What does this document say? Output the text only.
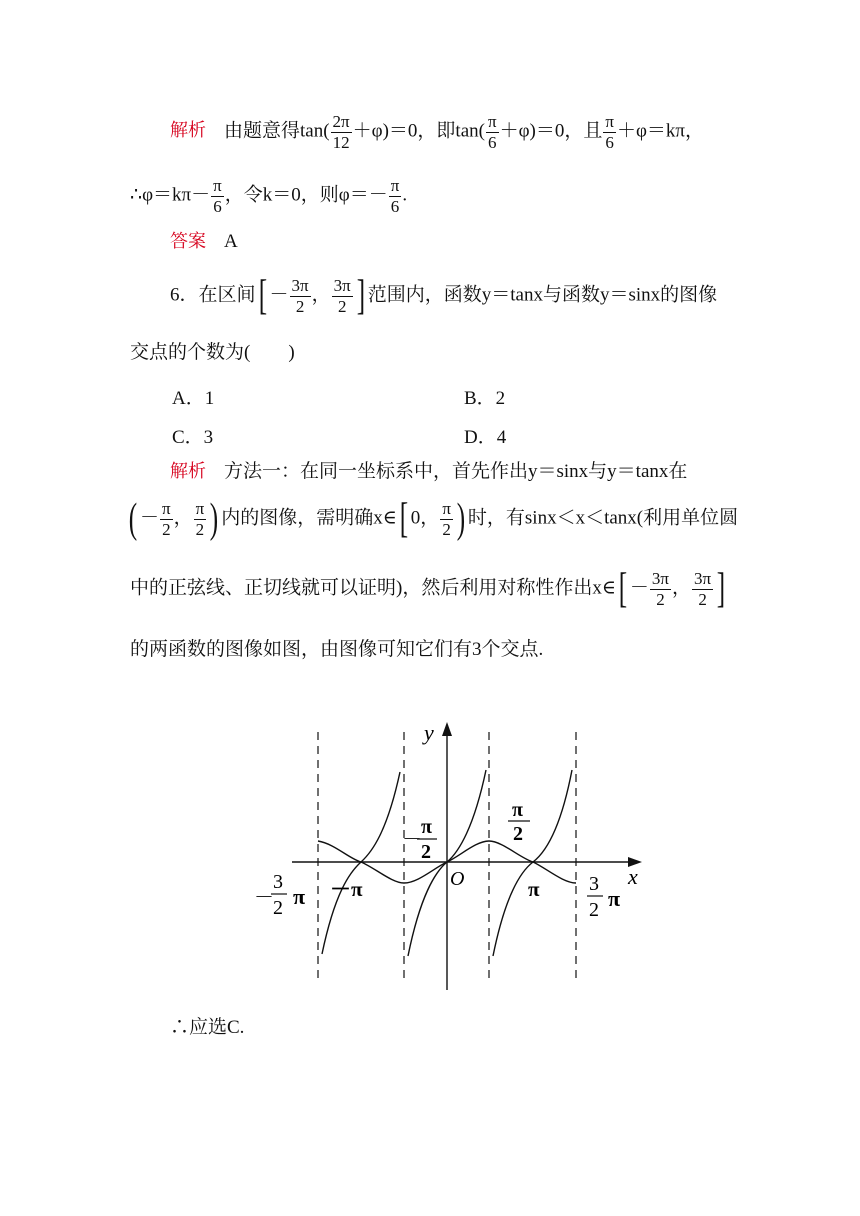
解析 由题意得$\tan( \frac{2\pi}{12} +\varphi)=0$，即$\tan( \frac{\pi}{6} +\varphi)=0$，且 $\frac{\pi}{6} +\varphi=k\pi$，
∴φ＝kπ－ $\frac{\pi}{6}$ ，令k＝0，则$\varphi=- \frac{\pi}{6}$ .
答案 A
6．在区间[ － $\frac{3\pi}{2}$ ， $\frac{3\pi}{2}$ ] 范围内，函数y＝tanx与函数y＝sinx的图像
交点的个数为(　　)
A．1	B．2
C．3	D．4
解析 方法一：在同一坐标系中，首先作出y＝sinx与y＝tanx在
( － $\frac{\pi}{2}$ ， $\frac{\pi}{2}$ ) 内的图像，需明确x∈[ 0， $\frac{\pi}{2}$ ) 时，有sinx＜x＜tanx(利用单位圆
中的正弦线、正切线就可以证明)，然后利用对称性作出x∈[ － $\frac{3\pi}{2}$ ， $\frac{3\pi}{2}$ ]
的两函数的图像如图，由图像可知它们有3个交点.
y
x
O
－
π
2
π
2
－π	π
－
3
2 π	3
2 π
∴应选C.
